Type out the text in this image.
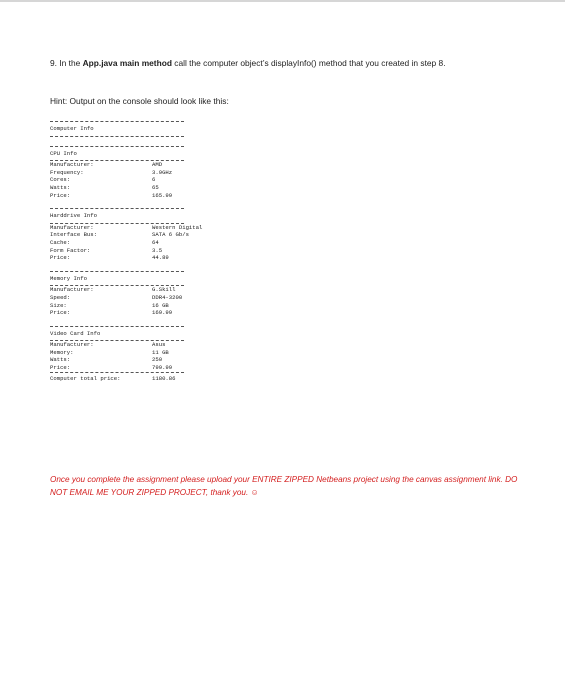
9. In the App.java main method call the computer object’s displayInfo() method that you created in step 8.
Hint: Output on the console should look like this:
Computer Info
CPU Info
Manufacturer:	AMD
Frequency:	3.9GHz
Cores:	6
Watts:	65
Price:	165.99
Harddrive Info
Manufacturer:	Western Digital
Interface Bus:	SATA 6 Gb/s
Cache:	64
Form Factor:	3.5
Price:	44.89
Memory Info
Manufacturer:	G.Skill
Speed:	DDR4-3200
Size:	16 GB
Price:	169.99
Video Card Info
Manufacturer:	Asus
Memory:	11 GB
Watts:	250
Price:	799.99
Computer total price:	1180.86
Once you complete the assignment please upload your ENTIRE ZIPPED Netbeans project using the canvas assignment link. DO NOT EMAIL ME YOUR ZIPPED PROJECT, thank you. ☺
